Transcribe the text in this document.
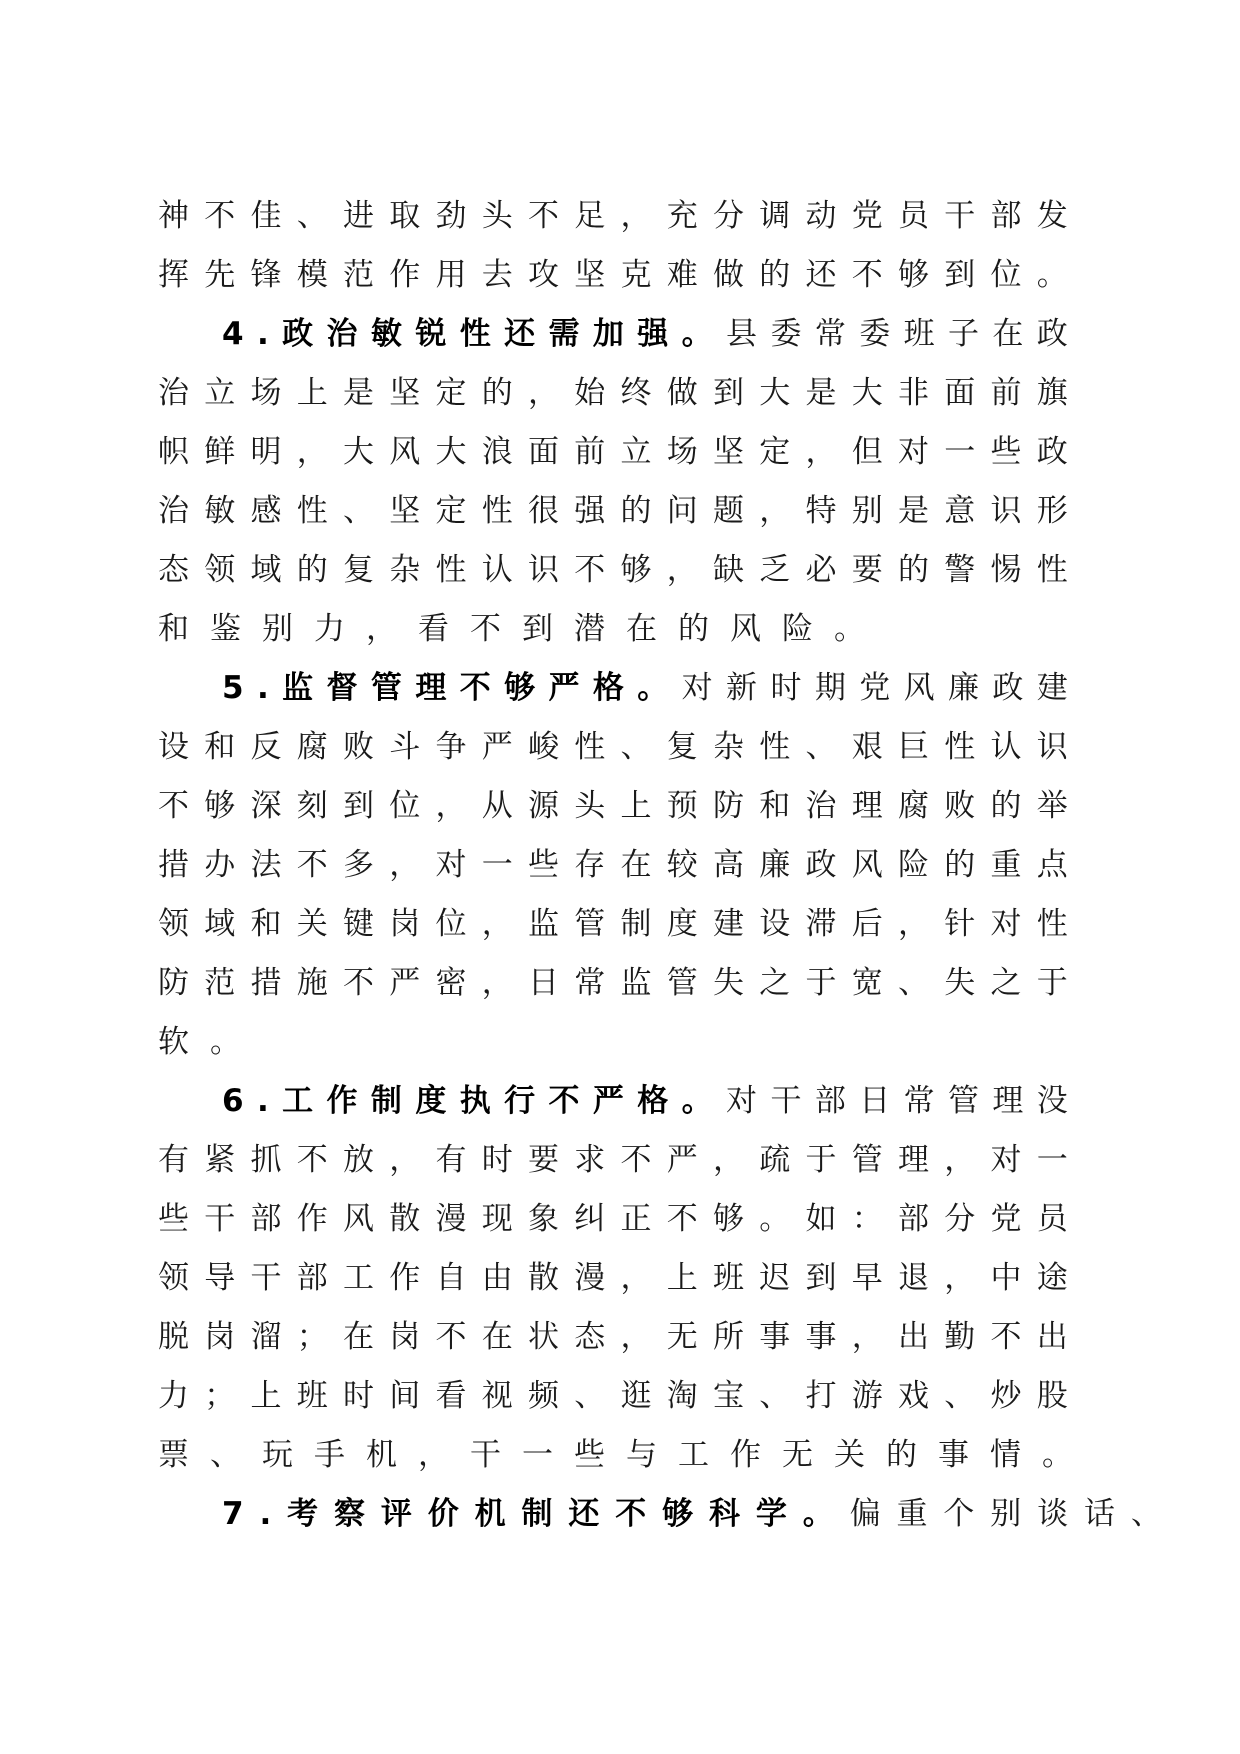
神 不 佳 、 进 取 劲 头 不 足 ， 充 分 调 动 党 员 干 部 发
挥 先 锋 模 范 作 用 去 攻 坚 克 难 做 的 还 不 够 到 位 。
4 . 政 治 敏 锐 性 还 需 加 强 。 县 委 常 委 班 子 在 政
治 立 场 上 是 坚 定 的 ， 始 终 做 到 大 是 大 非 面 前 旗
帜 鲜 明 ， 大 风 大 浪 面 前 立 场 坚 定 ， 但 对 一 些 政
治 敏 感 性 、 坚 定 性 很 强 的 问 题 ， 特 别 是 意 识 形
态 领 域 的 复 杂 性 认 识 不 够 ， 缺 乏 必 要 的 警 惕 性
和 鉴 别 力 ， 看 不 到 潜 在 的 风 险 。
5 . 监 督 管 理 不 够 严 格 。 对 新 时 期 党 风 廉 政 建
设 和 反 腐 败 斗 争 严 峻 性 、 复 杂 性 、 艰 巨 性 认 识
不 够 深 刻 到 位 ， 从 源 头 上 预 防 和 治 理 腐 败 的 举
措 办 法 不 多 ， 对 一 些 存 在 较 高 廉 政 风 险 的 重 点
领 域 和 关 键 岗 位 ， 监 管 制 度 建 设 滞 后 ， 针 对 性
防 范 措 施 不 严 密 ， 日 常 监 管 失 之 于 宽 、 失 之 于
软 。
6 . 工 作 制 度 执 行 不 严 格 。 对 干 部 日 常 管 理 没
有 紧 抓 不 放 ， 有 时 要 求 不 严 ， 疏 于 管 理 ， 对 一
些 干 部 作 风 散 漫 现 象 纠 正 不 够 。 如 ： 部 分 党 员
领 导 干 部 工 作 自 由 散 漫 ， 上 班 迟 到 早 退 ， 中 途
脱 岗 溜 ； 在 岗 不 在 状 态 ， 无 所 事 事 ， 出 勤 不 出
力 ； 上 班 时 间 看 视 频 、 逛 淘 宝 、 打 游 戏 、 炒 股
票 、 玩 手 机 ， 干 一 些 与 工 作 无 关 的 事 情 。
7 . 考 察 评 价 机 制 还 不 够 科 学 。 偏 重 个 别 谈 话 、
